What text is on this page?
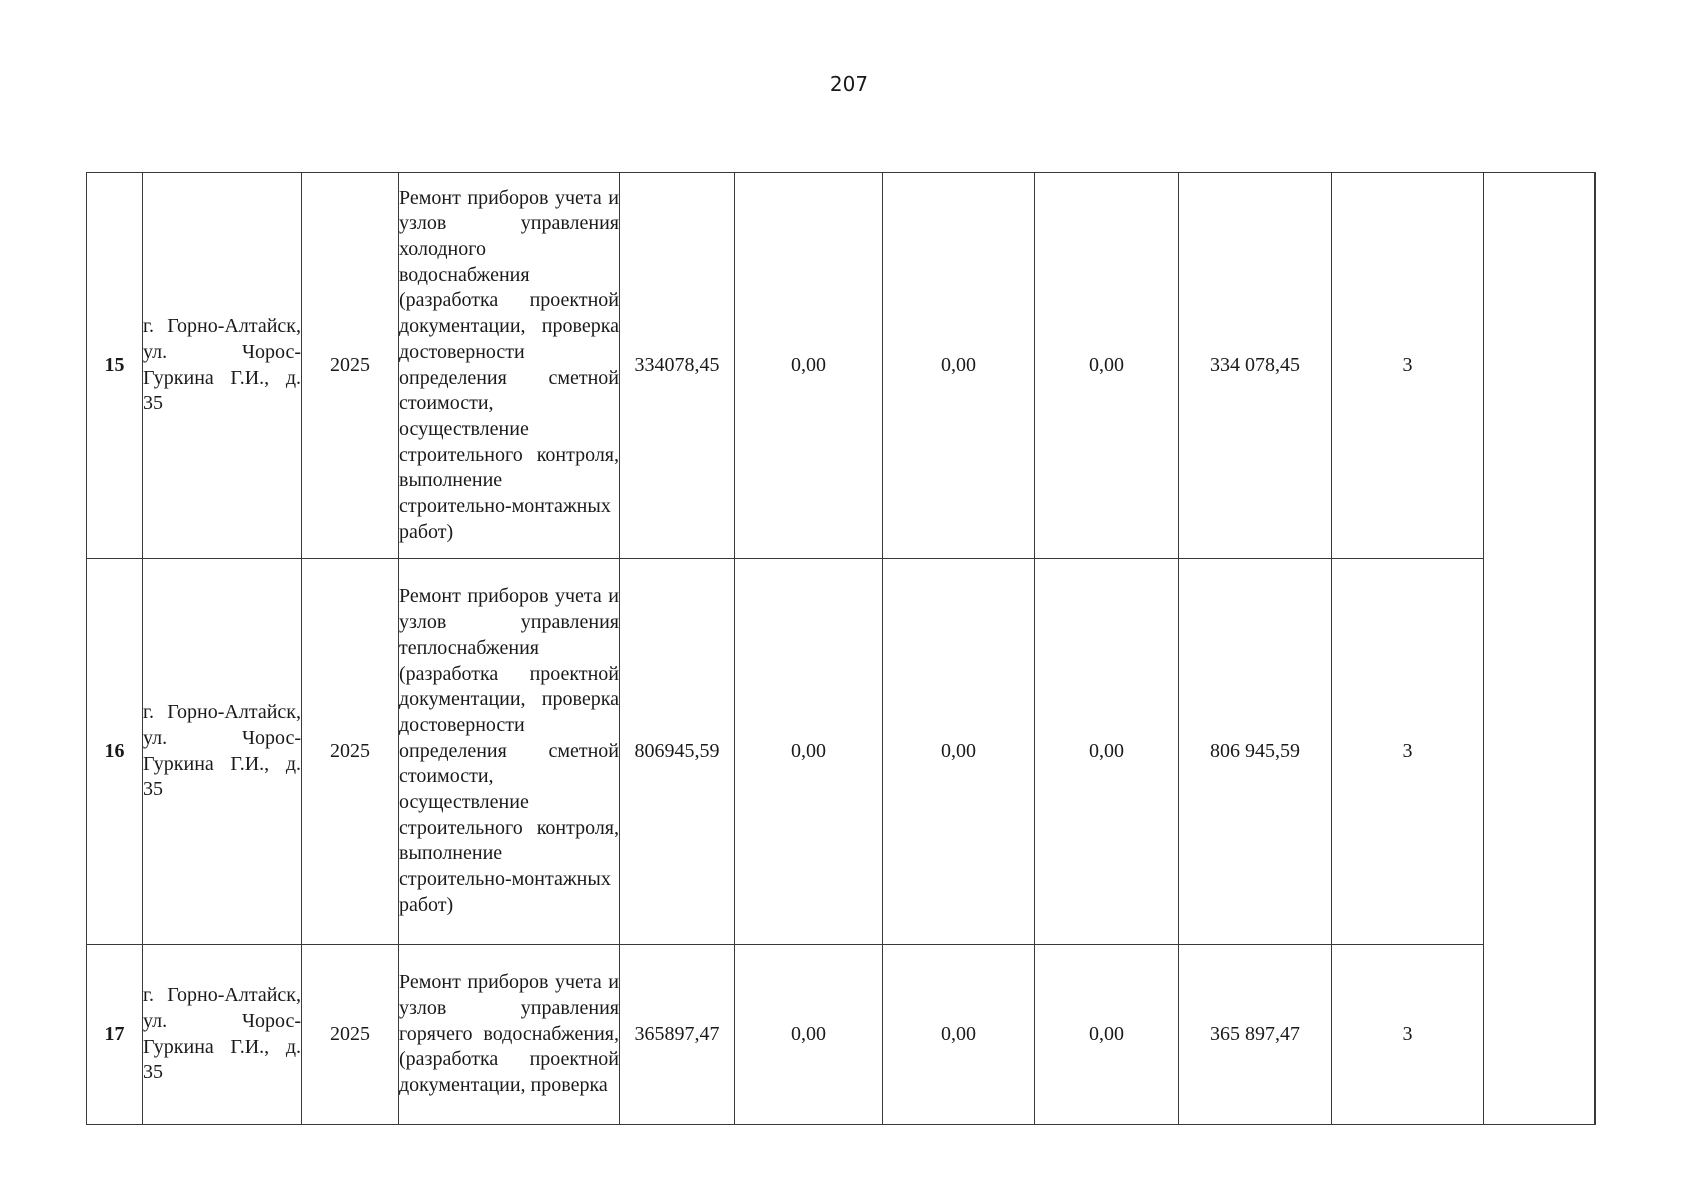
207
15	г. Горно-Алтайск, ул. Чорос-Гуркина Г.И., д. 35	2025	Ремонт приборов учета и узлов управления холодного водоснабжения (разработка проектной документации, проверка достоверности определения сметной стоимости, осуществление строительного контроля, выполнение строительно-монтажных работ)	334078,45	0,00	0,00	0,00	334 078,45	3	
16	г. Горно-Алтайск, ул. Чорос-Гуркина Г.И., д. 35	2025	Ремонт приборов учета и узлов управления теплоснабжения (разработка проектной документации, проверка достоверности определения сметной стоимости, осуществление строительного контроля, выполнение строительно-монтажных работ)	806945,59	0,00	0,00	0,00	806 945,59	3	
17	г. Горно-Алтайск, ул. Чорос-Гуркина Г.И., д. 35	2025	Ремонт приборов учета и узлов управления горячего водоснабжения, (разработка проектной документации, проверка	365897,47	0,00	0,00	0,00	365 897,47	3	
